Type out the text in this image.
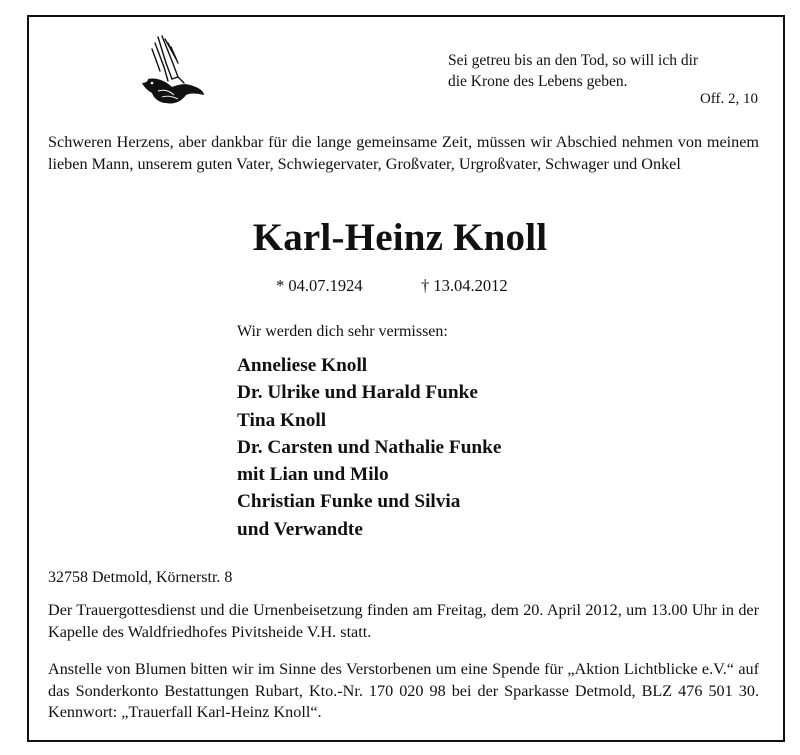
Sei getreu bis an den Tod, so will ich dir
die Krone des Lebens geben.
Off. 2, 10
Schweren Herzens, aber dankbar für die lange gemeinsame Zeit, müssen wir Abschied nehmen von meinem lieben Mann, unserem guten Vater, Schwiegervater, Großvater, Urgroßvater, Schwager und Onkel
Karl-Heinz Knoll
* 04.07.1924	† 13.04.2012
Wir werden dich sehr vermissen:
Anneliese Knoll
Dr. Ulrike und Harald Funke
Tina Knoll
Dr. Carsten und Nathalie Funke
mit Lian und Milo
Christian Funke und Silvia
und Verwandte
32758 Detmold, Körnerstr. 8
Der Trauergottesdienst und die Urnenbeisetzung finden am Freitag, dem 20. April 2012, um 13.00 Uhr in der Kapelle des Waldfriedhofes Pivitsheide V.H. statt.
Anstelle von Blumen bitten wir im Sinne des Verstorbenen um eine Spende für „Aktion Lichtblicke e.V.“ auf das Sonderkonto Bestattungen Rubart, Kto.-Nr. 170 020 98 bei der Sparkasse Detmold, BLZ 476 501 30. Kennwort: „Trauerfall Karl-Heinz Knoll“.
